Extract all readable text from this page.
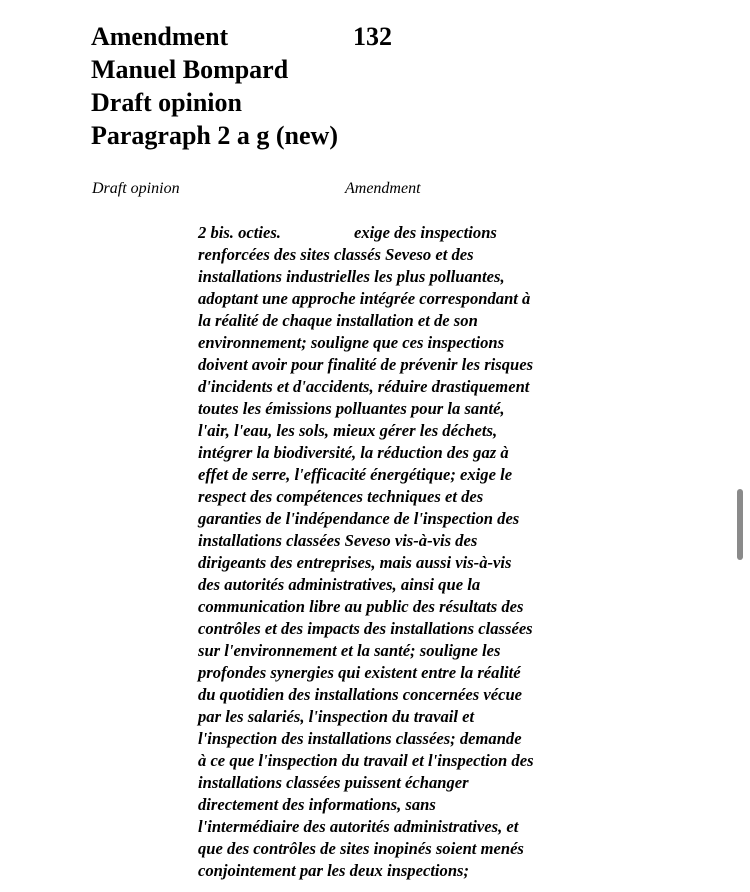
Amendment	132
Manuel Bompard
Draft opinion
Paragraph 2 a g (new)
Draft opinion	Amendment
2 bis. octies.	exige des inspections
renforcées des sites classés Seveso et des
installations industrielles les plus polluantes,
adoptant une approche intégrée correspondant à
la réalité de chaque installation et de son
environnement; souligne que ces inspections
doivent avoir pour finalité de prévenir les risques
d'incidents et d'accidents, réduire drastiquement
toutes les émissions polluantes pour la santé,
l'air, l'eau, les sols, mieux gérer les déchets,
intégrer la biodiversité, la réduction des gaz à
effet de serre, l'efficacité énergétique; exige le
respect des compétences techniques et des
garanties de l'indépendance de l'inspection des
installations classées Seveso vis-à-vis des
dirigeants des entreprises, mais aussi vis-à-vis
des autorités administratives, ainsi que la
communication libre au public des résultats des
contrôles et des impacts des installations classées
sur l'environnement et la santé; souligne les
profondes synergies qui existent entre la réalité
du quotidien des installations concernées vécue
par les salariés, l'inspection du travail et
l'inspection des installations classées; demande
à ce que l'inspection du travail et l'inspection des
installations classées puissent échanger
directement des informations, sans
l'intermédiaire des autorités administratives, et
que des contrôles de sites inopinés soient menés
conjointement par les deux inspections;
